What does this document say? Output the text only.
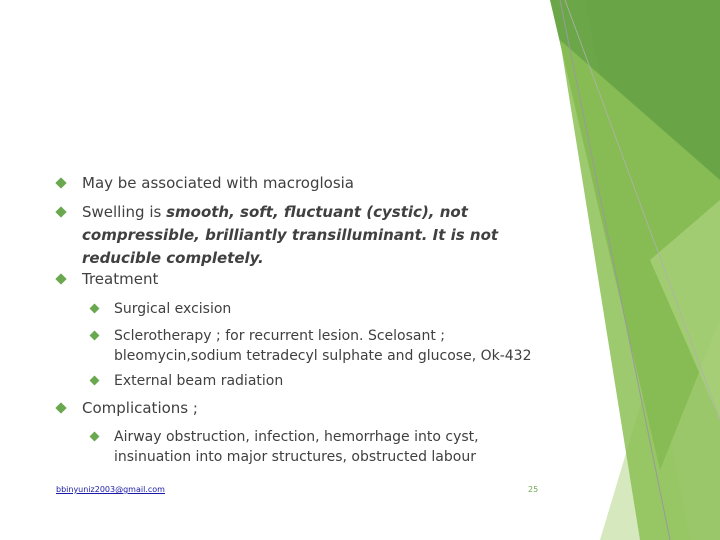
May be associated with macroglosia
Swelling is smooth, soft, fluctuant (cystic), not compressible, brilliantly transilluminant. It is not reducible completely.
Treatment
Surgical excision
Sclerotherapy ; for recurrent lesion. Scelosant ; bleomycin,sodium tetradecyl sulphate and glucose, Ok-432
External beam radiation
Complications ;
Airway obstruction, infection, hemorrhage into cyst, insinuation into major structures, obstructed labour
bbinyuniz2003@gmail.com	25
